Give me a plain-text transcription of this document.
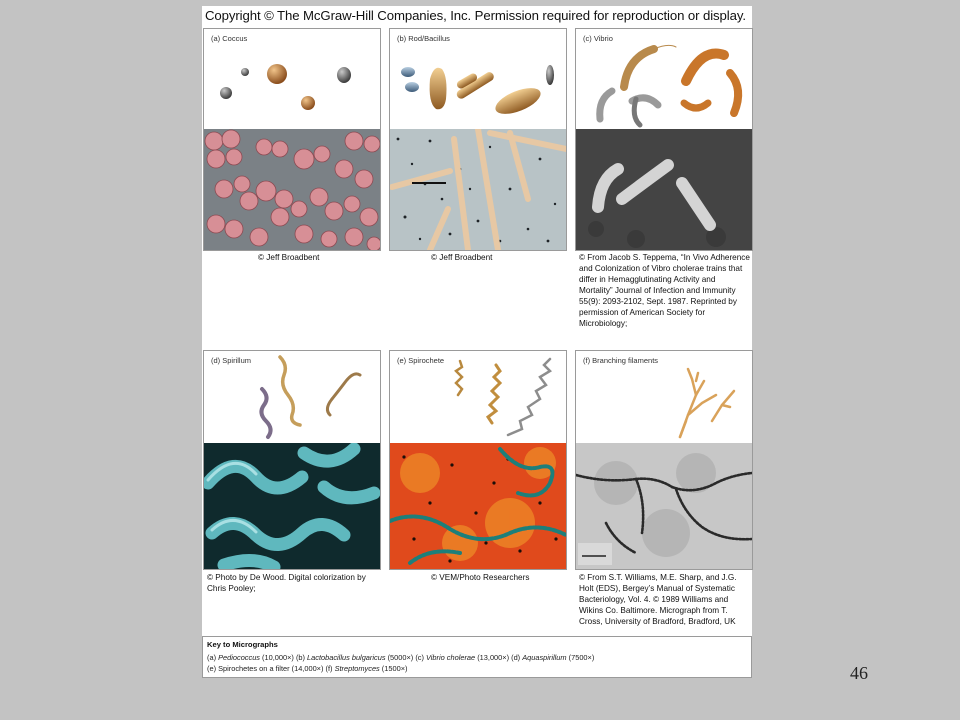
Copyright © The McGraw-Hill Companies, Inc. Permission required for reproduction or display.
(a) Coccus
© Jeff Broadbent
(b) Rod/Bacillus
© Jeff Broadbent
(c) Vibrio
© From Jacob S. Teppema, “In Vivo Adherence and Colonization of Vibro cholerae trains that differ in Hemagglutinating Activity and Mortality” Journal of Infection and Immunity 55(9): 2093-2102, Sept. 1987. Reprinted by permission of American Society for Microbiology;
(d) Spirillum
© Photo by De Wood. Digital colorization by Chris Pooley;
(e) Spirochete
© VEM/Photo Researchers
(f) Branching filaments
© From S.T. Williams, M.E. Sharp, and J.G. Holt (EDS), Bergey’s Manual of Systematic Bacteriology, Vol. 4. © 1989 Williams and Wikins Co. Baltimore. Micrograph from T. Cross, University of Bradford, Bradford, UK
Key to Micrographs
(a) Pediococcus (10,000×) (b) Lactobacillus bulgaricus (5000×) (c) Vibrio cholerae (13,000×) (d) Aquaspirillum (7500×)
(e) Spirochetes on a filter (14,000×) (f) Streptomyces (1500×)	46
